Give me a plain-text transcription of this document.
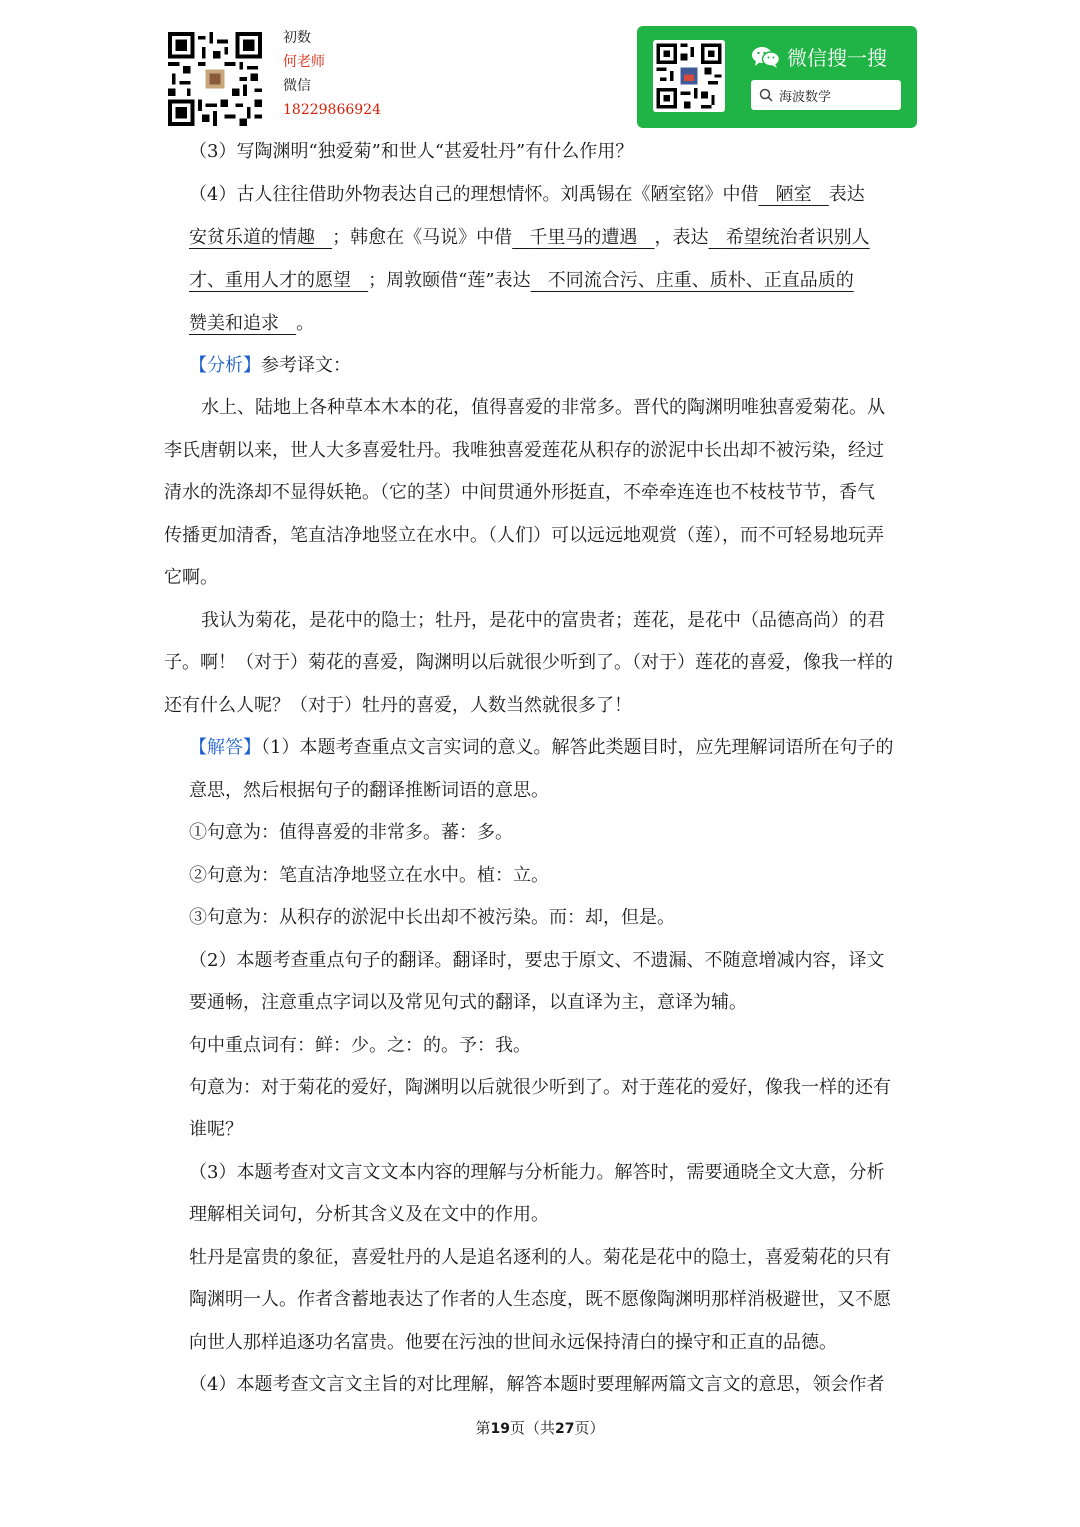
初数
何老师
微信
18229866924
微信搜一搜
海波数学
（3）写陶渊明“独爱菊”和世人“甚爱牡丹”有什么作用？
（4）古人往往借助外物表达自己的理想情怀。刘禹锡在《陋室铭》中借 陋室 表达
安贫乐道的情趣 ；韩愈在《马说》中借 千里马的遭遇 ，表达 希望统治者识别人
才、重用人才的愿望 ；周敦颐借“莲”表达 不同流合污、庄重、质朴、正直品质的
赞美和追求 。
【分析】参考译文：
水上、陆地上各种草本木本的花，值得喜爱的非常多。晋代的陶渊明唯独喜爱菊花。从
李氏唐朝以来，世人大多喜爱牡丹。我唯独喜爱莲花从积存的淤泥中长出却不被污染，经过
清水的洗涤却不显得妖艳。（它的茎）中间贯通外形挺直，不牵牵连连也不枝枝节节，香气
传播更加清香，笔直洁净地竖立在水中。（人们）可以远远地观赏（莲），而不可轻易地玩弄
它啊。
我认为菊花，是花中的隐士；牡丹，是花中的富贵者；莲花，是花中（品德高尚）的君
子。啊！（对于）菊花的喜爱，陶渊明以后就很少听到了。（对于）莲花的喜爱，像我一样的
还有什么人呢？（对于）牡丹的喜爱，人数当然就很多了！
【解答】（1）本题考查重点文言实词的意义。解答此类题目时，应先理解词语所在句子的
意思，然后根据句子的翻译推断词语的意思。
①句意为：值得喜爱的非常多。蕃：多。
②句意为：笔直洁净地竖立在水中。植：立。
③句意为：从积存的淤泥中长出却不被污染。而：却，但是。
（2）本题考查重点句子的翻译。翻译时，要忠于原文、不遗漏、不随意增减内容，译文
要通畅，注意重点字词以及常见句式的翻译，以直译为主，意译为辅。
句中重点词有：鲜：少。之：的。予：我。
句意为：对于菊花的爱好，陶渊明以后就很少听到了。对于莲花的爱好，像我一样的还有
谁呢？
（3）本题考查对文言文文本内容的理解与分析能力。解答时，需要通晓全文大意，分析
理解相关词句，分析其含义及在文中的作用。
牡丹是富贵的象征，喜爱牡丹的人是追名逐利的人。菊花是花中的隐士，喜爱菊花的只有
陶渊明一人。作者含蓄地表达了作者的人生态度，既不愿像陶渊明那样消极避世，又不愿
向世人那样追逐功名富贵。他要在污浊的世间永远保持清白的操守和正直的品德。
（4）本题考查文言文主旨的对比理解，解答本题时要理解两篇文言文的意思，领会作者
第19页（共27页）
